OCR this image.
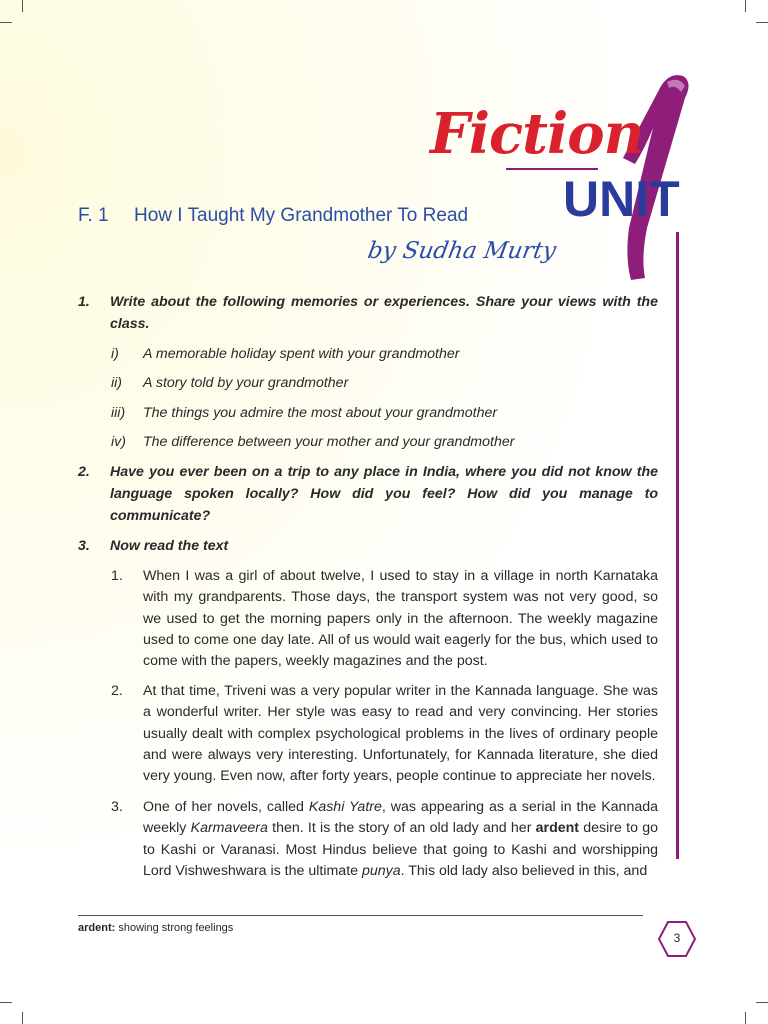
Fiction
UNIT
F. 1 How I Taught My Grandmother To Read
by Sudha Murty
1. Write about the following memories or experiences. Share your views with the class.
i) A memorable holiday spent with your grandmother
ii) A story told by your grandmother
iii) The things you admire the most about your grandmother
iv) The difference between your mother and your grandmother
2. Have you ever been on a trip to any place in India, where you did not know the language spoken locally? How did you feel? How did you manage to communicate?
3. Now read the text
1. When I was a girl of about twelve, I used to stay in a village in north Karnataka with my grandparents. Those days, the transport system was not very good, so we used to get the morning papers only in the afternoon. The weekly magazine used to come one day late. All of us would wait eagerly for the bus, which used to come with the papers, weekly magazines and the post.
2. At that time, Triveni was a very popular writer in the Kannada language. She was a wonderful writer. Her style was easy to read and very convincing. Her stories usually dealt with complex psychological problems in the lives of ordinary people and were always very interesting. Unfortunately, for Kannada literature, she died very young. Even now, after forty years, people continue to appreciate her novels.
3. One of her novels, called Kashi Yatre, was appearing as a serial in the Kannada weekly Karmaveera then. It is the story of an old lady and her ardent desire to go to Kashi or Varanasi. Most Hindus believe that going to Kashi and worshipping Lord Vishweshwara is the ultimate punya. This old lady also believed in this, and
ardent: showing strong feelings
3
